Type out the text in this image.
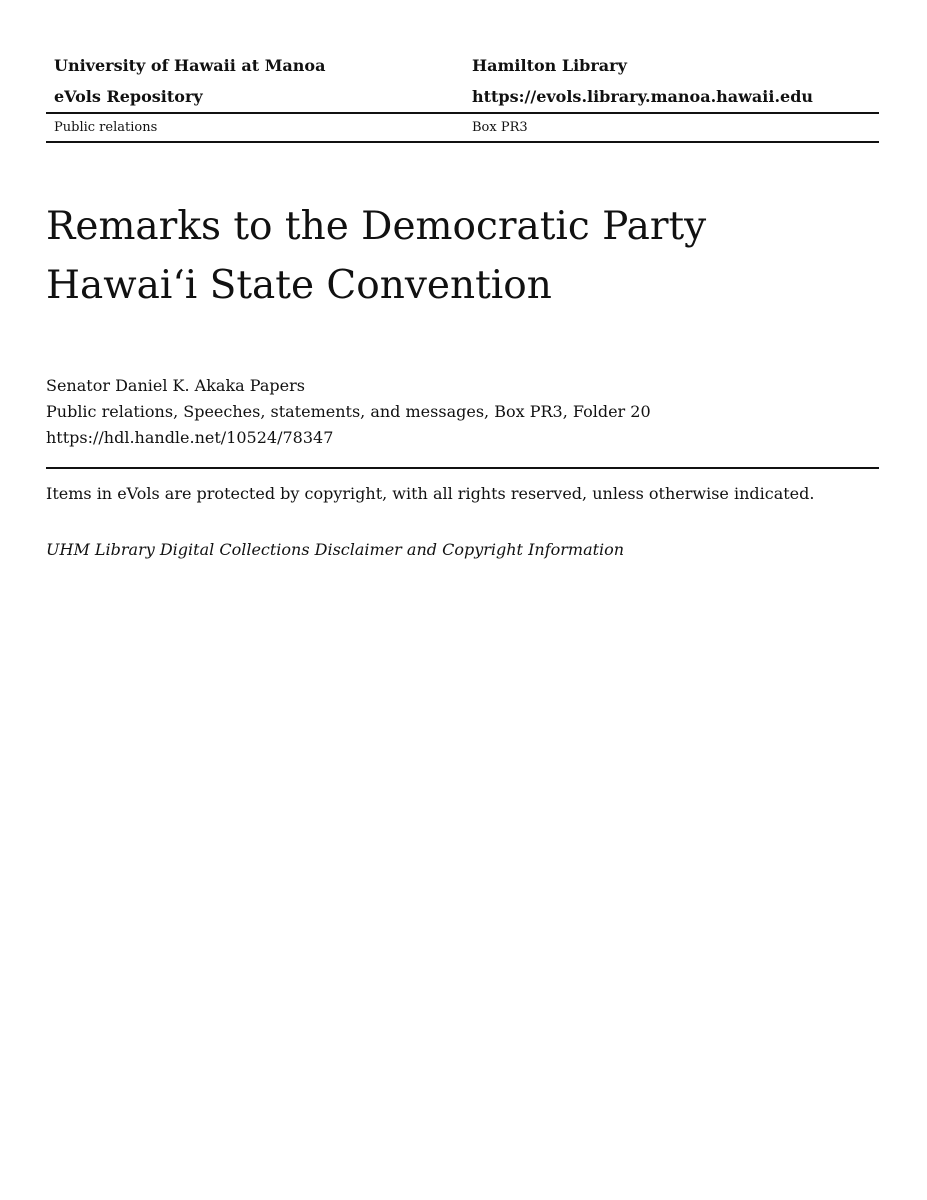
University of Hawaii at Manoa	Hamilton Library
eVols Repository	https://evols.library.manoa.hawaii.edu
Public relations	Box PR3
Remarks to the Democratic Party
Hawaiʻi State Convention
Senator Daniel K. Akaka Papers
Public relations, Speeches, statements, and messages, Box PR3, Folder 20
https://hdl.handle.net/10524/78347
Items in eVols are protected by copyright, with all rights reserved, unless otherwise indicated.
UHM Library Digital Collections Disclaimer and Copyright Information
